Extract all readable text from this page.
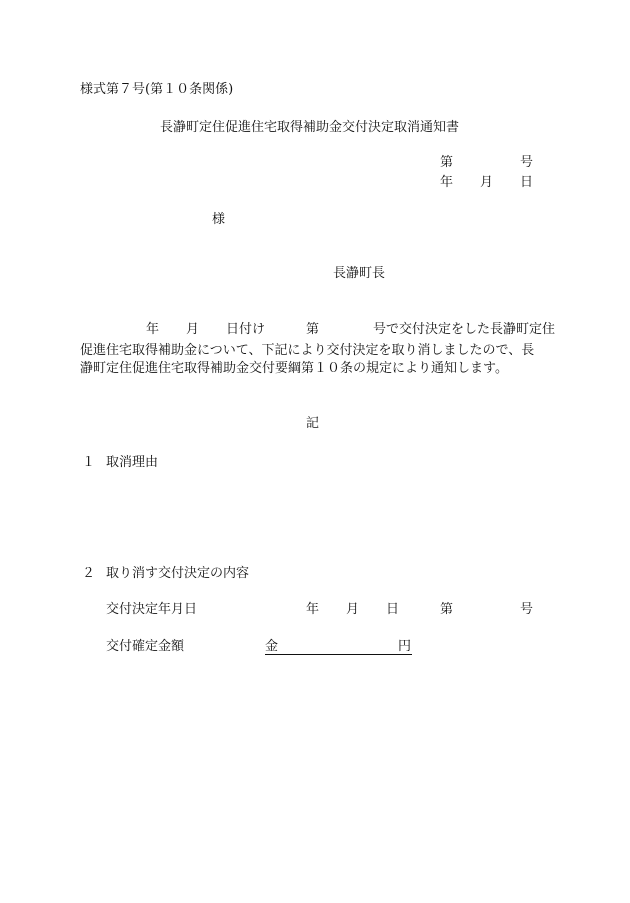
様式第７号(第１０条関係)
長瀞町定住促進住宅取得補助金交付決定取消通知書
第	号
年 月 日
様
長瀞町長
年 月 日付け	第	号で交付決定をした長瀞町定住
促進住宅取得補助金について、下記により交付決定を取り消しましたので、長
瀞町定住促進住宅取得補助金交付要綱第１０条の規定により通知します。
記
１ 取消理由
２ 取り消す交付決定の内容
交付決定年月日	年 月 日	第	号
交付確定金額	金	円
